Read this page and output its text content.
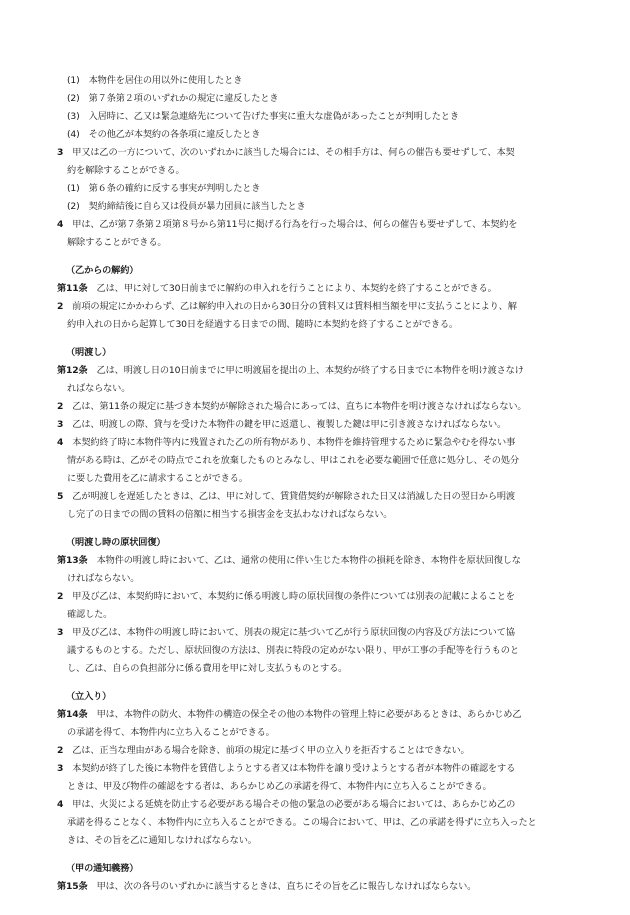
(1)　 本物件を居住の用以外に使用したとき

(2)　 第７条第２項のいずれかの規定に違反したとき

(3)　 入居時に、乙又は緊急連絡先について告げた事実に重大な虚偽があったことが判明したとき

(4)　 その他乙が本契約の各条項に違反したとき

3　 甲又は乙の一方について、次のいずれかに該当した場合には、その相手方は、何らの催告も要せずして、本契

約を解除することができる。

(1)　 第６条の確約に反する事実が判明したとき

(2)　 契約締結後に自ら又は役員が暴力団員に該当したとき

4　 甲は、乙が第７条第２項第８号から第11号に掲げる行為を行った場合は、何らの催告も要せずして、本契約を

解除することができる。

（乙からの解約）

第11条　 乙は、甲に対して30日前までに解約の申入れを行うことにより、本契約を終了することができる。

2　 前項の規定にかかわらず、乙は解約申入れの日から30日分の賃料又は賃料相当額を甲に支払うことにより、解

約申入れの日から起算して30日を経過する日までの間、随時に本契約を終了することができる。

（明渡し）

第12条　 乙は、明渡し日の10日前までに甲に明渡届を提出の上、本契約が終了する日までに本物件を明け渡さなけ

ればならない。

2　 乙は、第11条の規定に基づき本契約が解除された場合にあっては、直ちに本物件を明け渡さなければならない。

3　 乙は、明渡しの際、貸与を受けた本物件の鍵を甲に返還し、複製した鍵は甲に引き渡さなければならない。

4　 本契約終了時に本物件等内に残置された乙の所有物があり、本物件を維持管理するために緊急やむを得ない事

情がある時は、乙がその時点でこれを放棄したものとみなし、甲はこれを必要な範囲で任意に処分し、その処分

に要した費用を乙に請求することができる。

5　 乙が明渡しを遅延したときは、乙は、甲に対して、賃貸借契約が解除された日又は消滅した日の翌日から明渡

し完了の日までの間の賃料の倍額に相当する損害金を支払わなければならない。

（明渡し時の原状回復）

第13条　 本物件の明渡し時において、乙は、通常の使用に伴い生じた本物件の損耗を除き、本物件を原状回復しな

ければならない。

2　 甲及び乙は、本契約時において、本契約に係る明渡し時の原状回復の条件については別表の記載によることを

確認した。

3　 甲及び乙は、本物件の明渡し時において、別表の規定に基づいて乙が行う原状回復の内容及び方法について協

議するものとする。ただし、原状回復の方法は、別表に特段の定めがない限り、甲が工事の手配等を行うものと

し、乙は、自らの負担部分に係る費用を甲に対し支払うものとする。

（立入り）

第14条　 甲は、本物件の防火、本物件の構造の保全その他の本物件の管理上特に必要があるときは、あらかじめ乙

の承諾を得て、本物件内に立ち入ることができる。

2　 乙は、正当な理由がある場合を除き、前項の規定に基づく甲の立入りを拒否することはできない。

3　 本契約が終了した後に本物件を賃借しようとする者又は本物件を譲り受けようとする者が本物件の確認をする

ときは、甲及び物件の確認をする者は、あらかじめ乙の承諾を得て、本物件内に立ち入ることができる。

4　 甲は、火災による延焼を防止する必要がある場合その他の緊急の必要がある場合においては、あらかじめ乙の

承諾を得ることなく、本物件内に立ち入ることができる。この場合において、甲は、乙の承諾を得ずに立ち入ったと

きは、その旨を乙に通知しなければならない。

（甲の通知義務）

第15条　 甲は、次の各号のいずれかに該当するときは、直ちにその旨を乙に報告しなければならない。
